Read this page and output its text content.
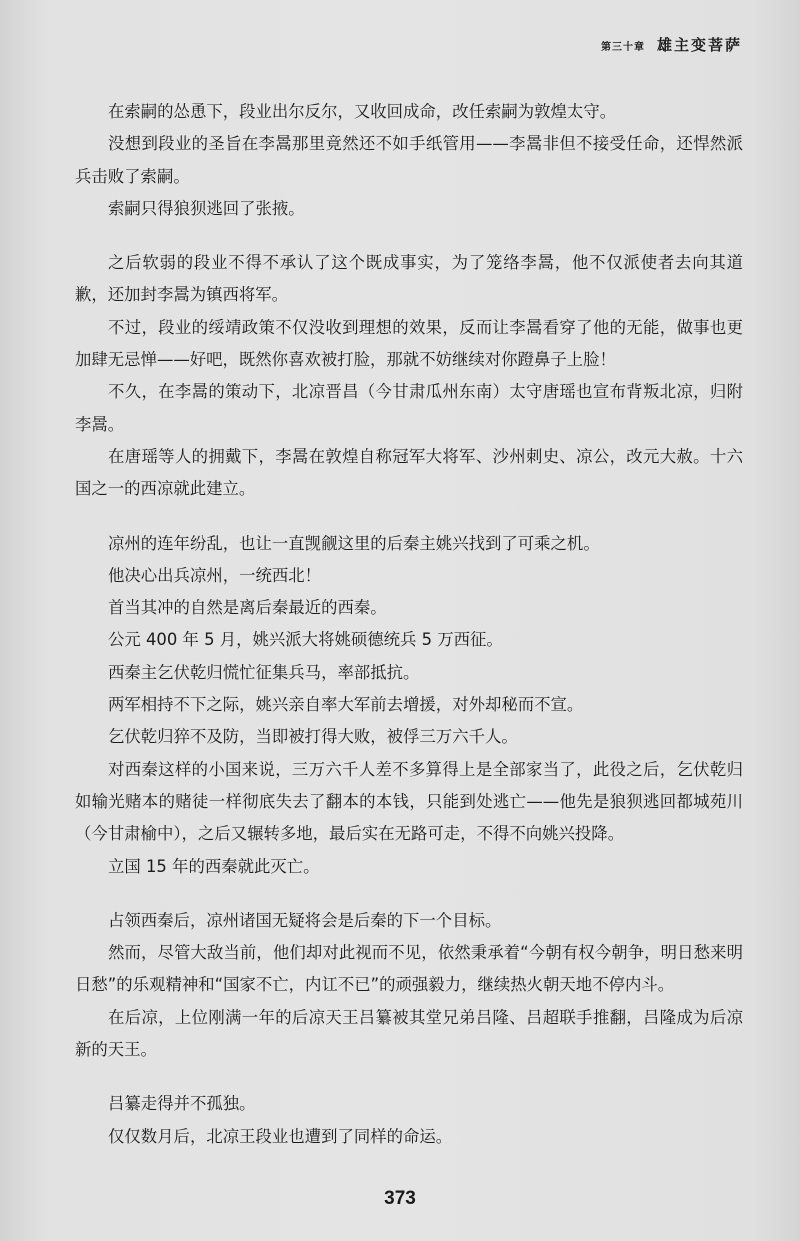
第三十章 雄主变菩萨

在索嗣的怂恿下，段业出尔反尔，又收回成命，改任索嗣为敦煌太守。

没想到段业的圣旨在李暠那里竟然还不如手纸管用——李暠非但不接受任命，还悍然派兵击败了索嗣。

索嗣只得狼狈逃回了张掖。

之后软弱的段业不得不承认了这个既成事实，为了笼络李暠，他不仅派使者去向其道歉，还加封李暠为镇西将军。

不过，段业的绥靖政策不仅没收到理想的效果，反而让李暠看穿了他的无能，做事也更加肆无忌惮——好吧，既然你喜欢被打脸，那就不妨继续对你蹬鼻子上脸！

不久，在李暠的策动下，北凉晋昌（今甘肃瓜州东南）太守唐瑶也宣布背叛北凉，归附李暠。

在唐瑶等人的拥戴下，李暠在敦煌自称冠军大将军、沙州刺史、凉公，改元大赦。十六国之一的西凉就此建立。

凉州的连年纷乱，也让一直觊觎这里的后秦主姚兴找到了可乘之机。

他决心出兵凉州，一统西北！

首当其冲的自然是离后秦最近的西秦。

公元 400 年 5 月，姚兴派大将姚硕德统兵 5 万西征。

西秦主乞伏乾归慌忙征集兵马，率部抵抗。

两军相持不下之际，姚兴亲自率大军前去增援，对外却秘而不宣。

乞伏乾归猝不及防，当即被打得大败，被俘三万六千人。

对西秦这样的小国来说，三万六千人差不多算得上是全部家当了，此役之后，乞伏乾归如输光赌本的赌徒一样彻底失去了翻本的本钱，只能到处逃亡——他先是狼狈逃回都城苑川（今甘肃榆中），之后又辗转多地，最后实在无路可走，不得不向姚兴投降。

立国 15 年的西秦就此灭亡。

占领西秦后，凉州诸国无疑将会是后秦的下一个目标。

然而，尽管大敌当前，他们却对此视而不见，依然秉承着“今朝有权今朝争，明日愁来明日愁”的乐观精神和“国家不亡，内讧不已”的顽强毅力，继续热火朝天地不停内斗。

在后凉，上位刚满一年的后凉天王吕纂被其堂兄弟吕隆、吕超联手推翻，吕隆成为后凉新的天王。

吕纂走得并不孤独。

仅仅数月后，北凉王段业也遭到了同样的命运。

373
